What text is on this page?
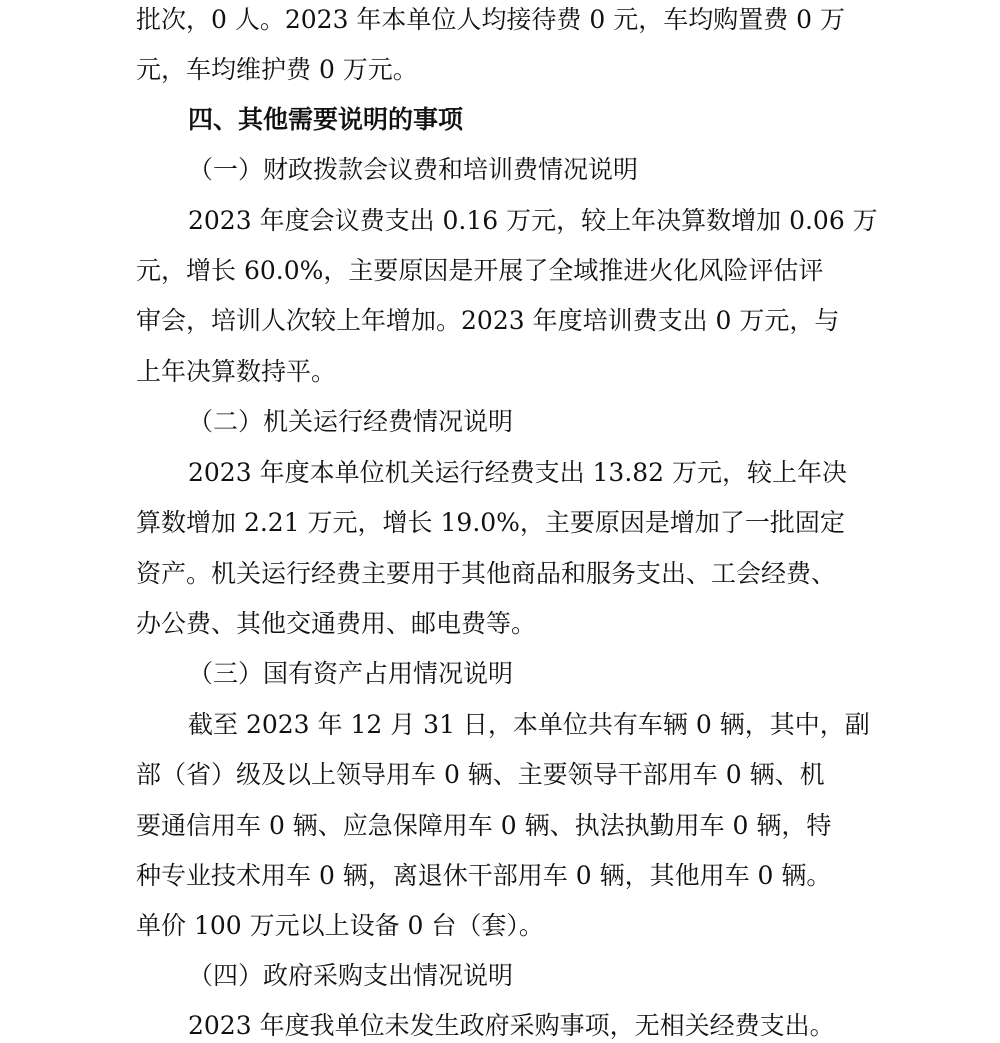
批次，0 人。2023 年本单位人均接待费 0 元，车均购置费 0 万
元，车均维护费 0 万元。
四、其他需要说明的事项
（一）财政拨款会议费和培训费情况说明
2023 年度会议费支出 0.16 万元，较上年决算数增加 0.06 万
元，增长 60.0%，主要原因是开展了全域推进火化风险评估评
审会，培训人次较上年增加。2023 年度培训费支出 0 万元，与
上年决算数持平。
（二）机关运行经费情况说明
2023 年度本单位机关运行经费支出 13.82 万元，较上年决
算数增加 2.21 万元，增长 19.0%，主要原因是增加了一批固定
资产。机关运行经费主要用于其他商品和服务支出、工会经费、
办公费、其他交通费用、邮电费等。
（三）国有资产占用情况说明
截至 2023 年 12 月 31 日，本单位共有车辆 0 辆，其中，副
部（省）级及以上领导用车 0 辆、主要领导干部用车 0 辆、机
要通信用车 0 辆、应急保障用车 0 辆、执法执勤用车 0 辆，特
种专业技术用车 0 辆，离退休干部用车 0 辆，其他用车 0 辆。
单价 100 万元以上设备 0 台（套）。
（四）政府采购支出情况说明
2023 年度我单位未发生政府采购事项，无相关经费支出。
